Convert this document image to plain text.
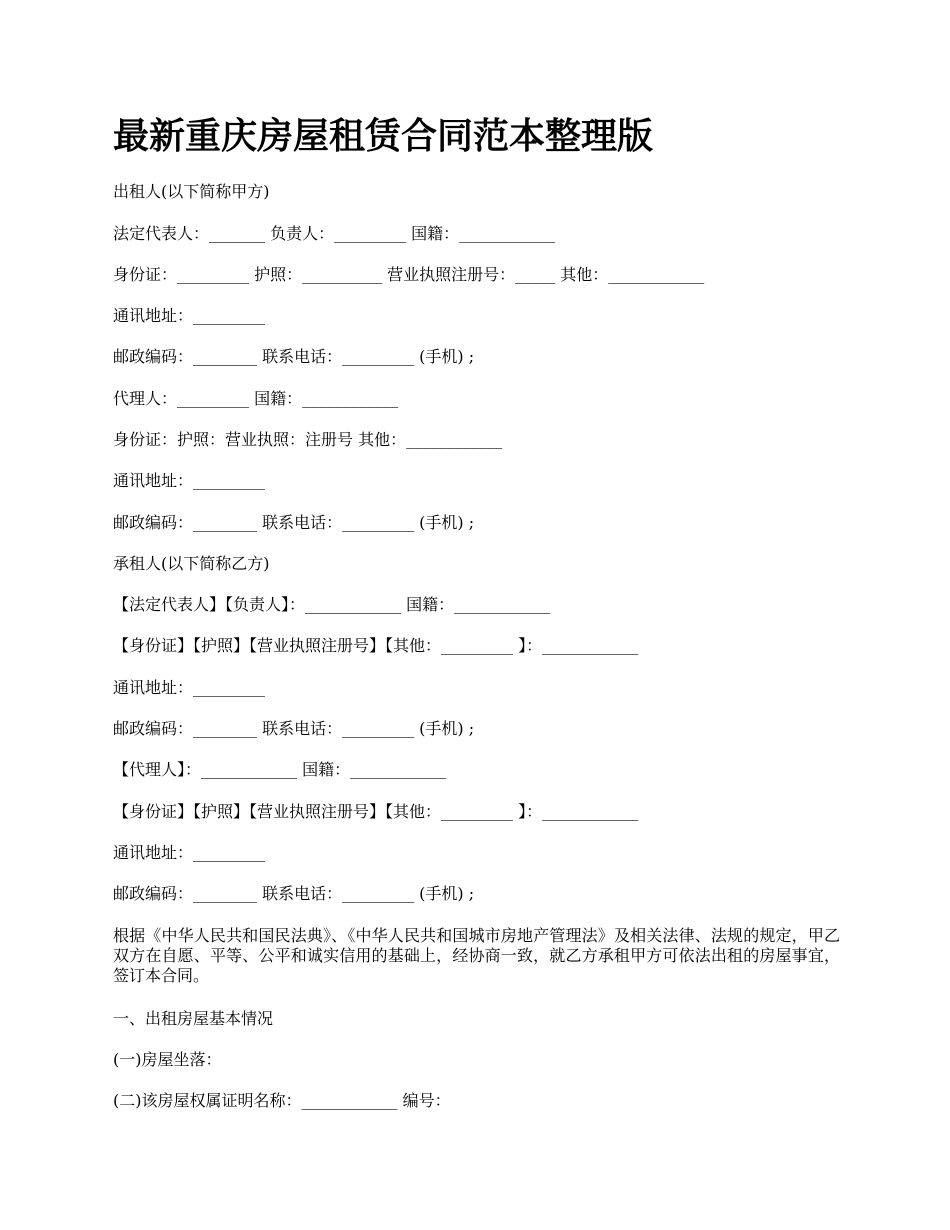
最新重庆房屋租赁合同范本整理版
出租人(以下简称甲方)
法定代表人：_______ 负责人：_________ 国籍：____________
身份证：_________ 护照：__________ 营业执照注册号：_____ 其他：____________
通讯地址：_________
邮政编码：________ 联系电话：_________ (手机) ;
代理人：_________ 国籍：____________
身份证：护照：营业执照：注册号 其他：____________
通讯地址：_________
邮政编码：________ 联系电话：_________ (手机) ;
承租人(以下简称乙方)
【法定代表人】【负责人】：____________ 国籍：____________
【身份证】【护照】【营业执照注册号】【其他：_________ 】：____________
通讯地址：_________
邮政编码：________ 联系电话：_________ (手机) ;
【代理人】：____________ 国籍：____________
【身份证】【护照】【营业执照注册号】【其他：_________ 】：____________
通讯地址：_________
邮政编码：________ 联系电话：_________ (手机) ;
根据《中华人民共和国民法典》、《中华人民共和国城市房地产管理法》及相关法律、法规的规定，甲乙双方在自愿、平等、公平和诚实信用的基础上，经协商一致，就乙方承租甲方可依法出租的房屋事宜，签订本合同。
一、出租房屋基本情况
(一)房屋坐落：
(二)该房屋权属证明名称：____________ 编号：
